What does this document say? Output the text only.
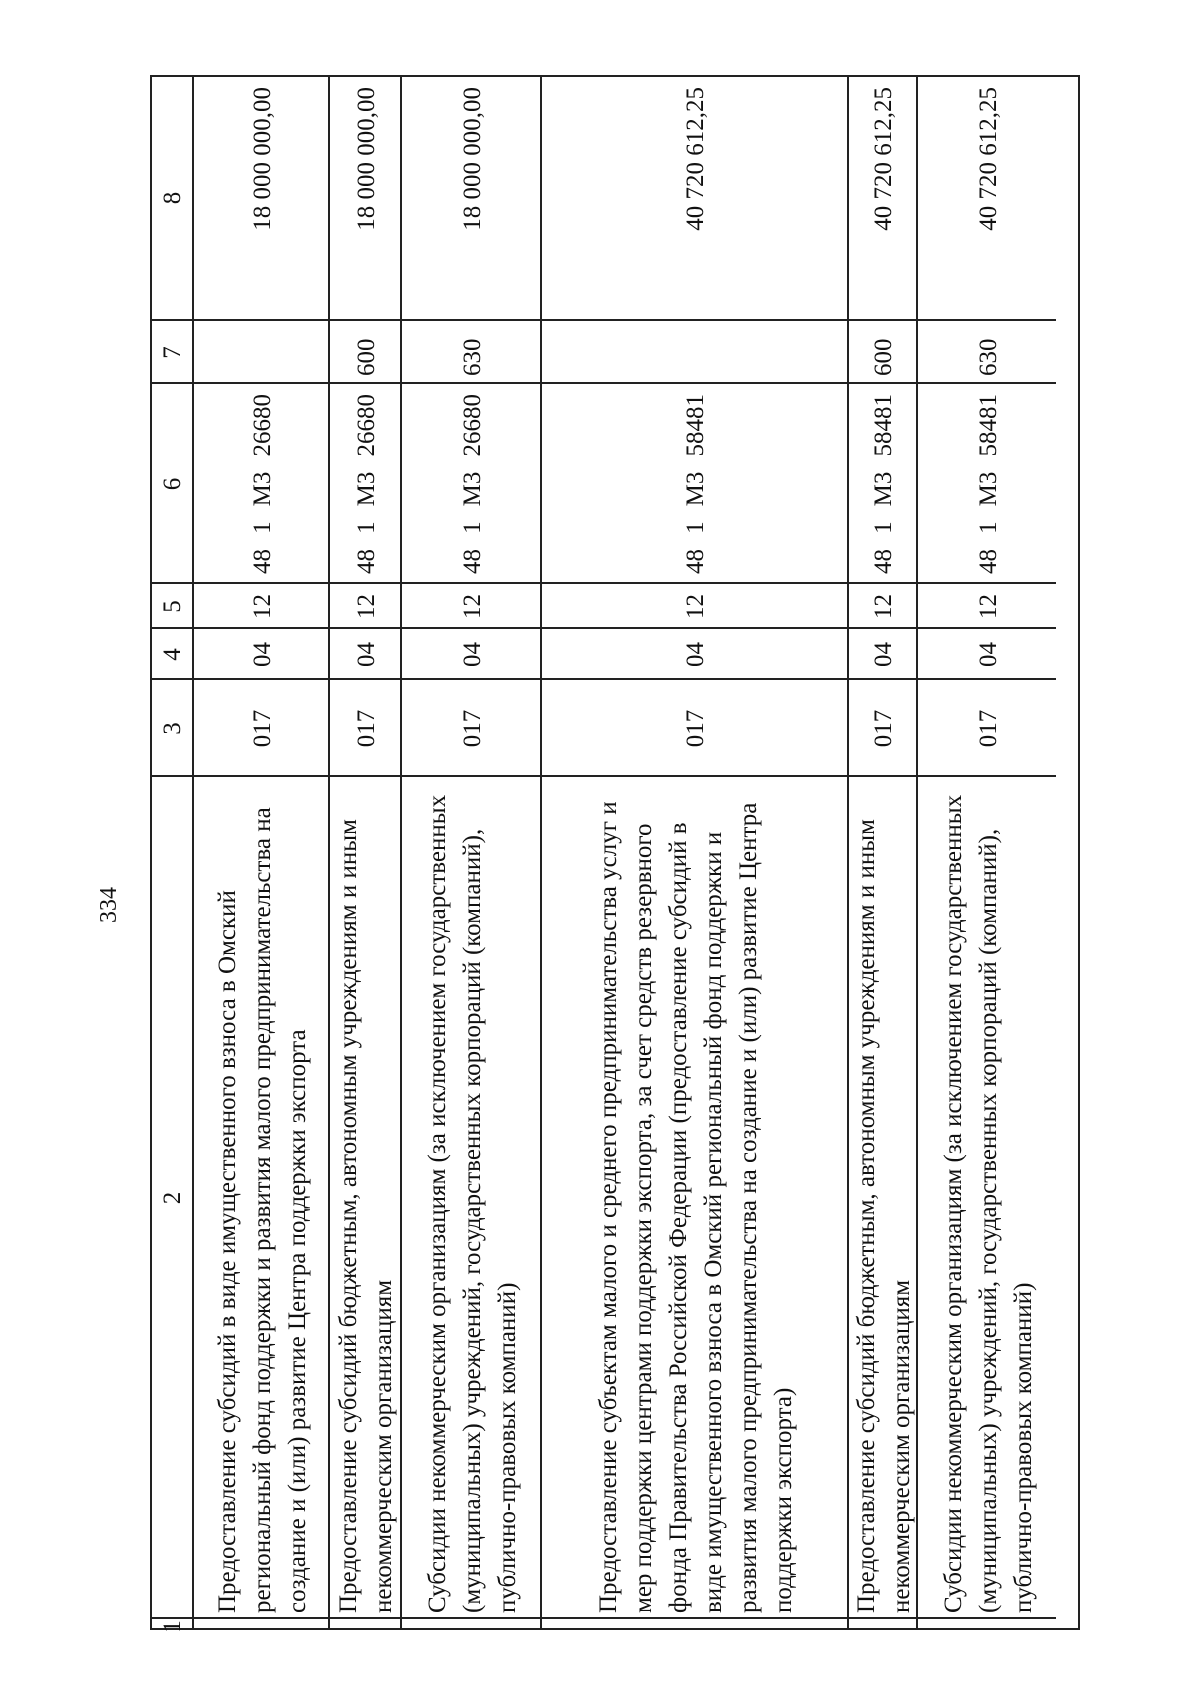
334
1
2
3
4
5
6
7
8
Предоставление субсидий в виде имущественного взноса в Омский региональный фонд поддержки и развития малого предпринимательства на создание и (или) развитие Центра поддержки экспорта
017
04
12
48
1
М3
26680
18 000 000,00
Предоставление субсидий бюджетным, автономным учреждениям и иным некоммерческим организациям
017
04
12
48
1
М3
26680
600
18 000 000,00
Субсидии некоммерческим организациям (за исключением государственных (муниципальных) учреждений, государственных корпораций (компаний), публично-правовых компаний)
017
04
12
48
1
М3
26680
630
18 000 000,00
Предоставление субъектам малого и среднего предпринимательства услуг и мер поддержки центрами поддержки экспорта, за счет средств резервного фонда Правительства Российской Федерации (предоставление субсидий в виде имущественного взноса в Омский региональный фонд поддержки и развития малого предпринимательства на создание и (или) развитие Центра поддержки экспорта)
017
04
12
48
1
М3
58481
40 720 612,25
Предоставление субсидий бюджетным, автономным учреждениям и иным некоммерческим организациям
017
04
12
48
1
М3
58481
600
40 720 612,25
Субсидии некоммерческим организациям (за исключением государственных (муниципальных) учреждений, государственных корпораций (компаний), публично-правовых компаний)
017
04
12
48
1
М3
58481
630
40 720 612,25
